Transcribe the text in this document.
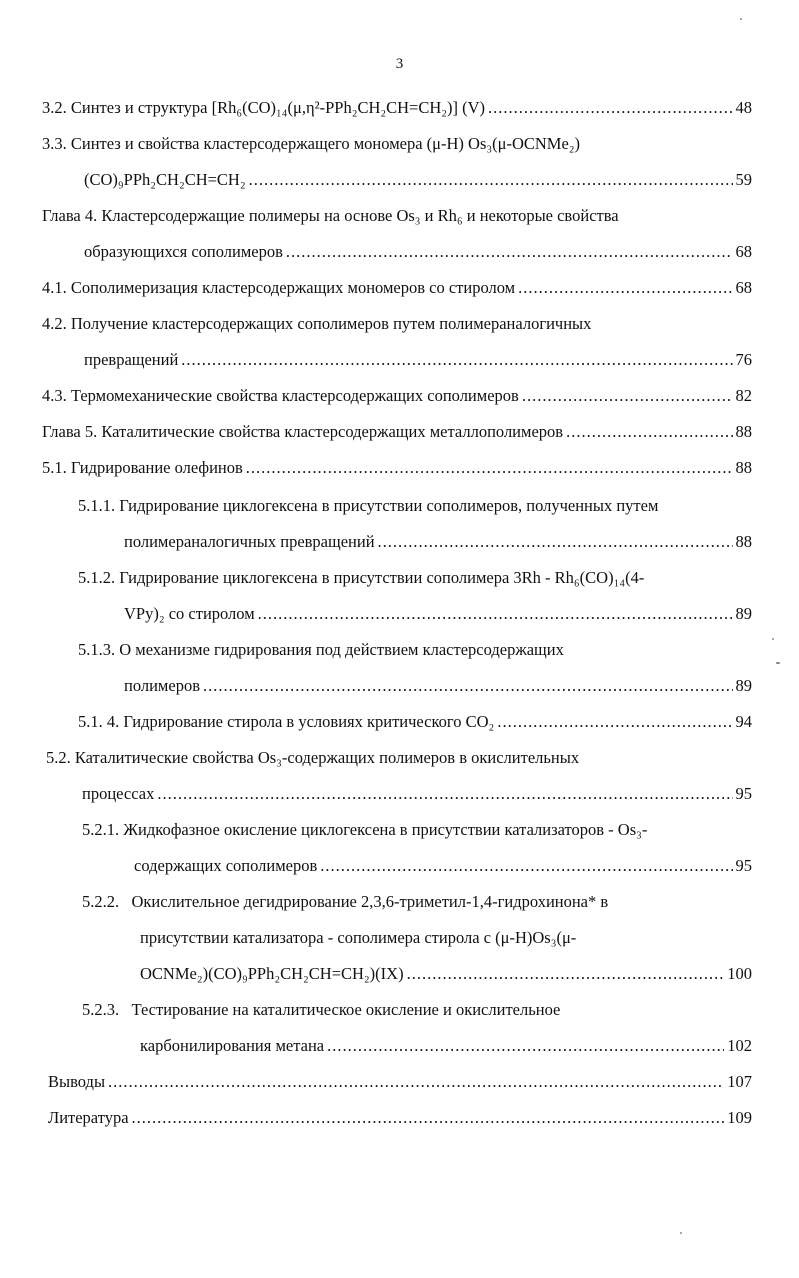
3
3.2. Синтез и структура [Rh₆(CO)₁₄(μ,η²-PPh₂CH₂CH=CH₂)] (V) .....	48
3.3. Синтез и свойства кластерсодержащего мономера (μ-H) Os₃(μ-OCNMe₂)
(CO)₉PPh₂CH₂CH=CH₂ .....	59
Глава 4. Кластерсодержащие полимеры на основе Os₃ и Rh₆ и некоторые свойства
образующихся сополимеров .....	68
4.1. Сополимеризация кластерсодержащих мономеров со стиролом .....	68
4.2. Получение кластерсодержащих сополимеров путем полимераналогичных
превращений .....	76
4.3. Термомеханические свойства кластерсодержащих сополимеров .....	82
Глава 5. Каталитические свойства кластерсодержащих металлополимеров .....	88
5.1. Гидрирование олефинов .....	88
5.1.1. Гидрирование циклогексена в присутствии сополимеров, полученных путем
полимераналогичных превращений .....	88
5.1.2. Гидрирование циклогексена в присутствии сополимера 3Rh - Rh₆(CO)₁₄(4-
VPy)₂ со стиролом .....	89
5.1.3. О механизме гидрирования под действием кластерсодержащих
полимеров .....	89
5.1. 4. Гидрирование стирола в условиях критического CO₂ .....	94
5.2. Каталитические свойства Os₃-содержащих полимеров в окислительных
процессах .....	95
5.2.1. Жидкофазное окисление циклогексена в присутствии катализаторов - Os₃-
содержащих сополимеров .....	95
5.2.2.   Окислительное дегидрирование 2,3,6-триметил-1,4-гидрохинона* в
присутствии катализатора - сополимера стирола с (μ-H)Os₃(μ-
OCNMe₂)(CO)₉PPh₂CH₂CH=CH₂)(IX) .....	100
5.2.3.   Тестирование на каталитическое окисление и окислительное
карбонилирования метана .....	102
Выводы .....	107
Литература .....	109
